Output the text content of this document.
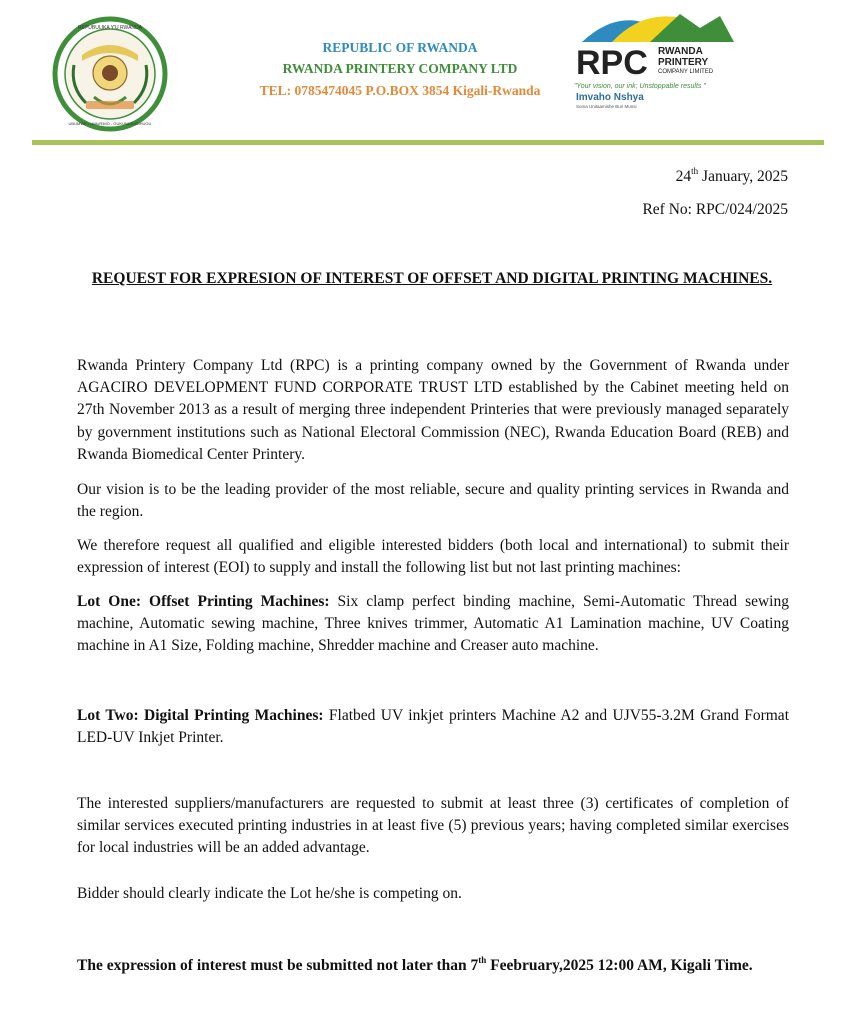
REPUBULIKA Y'U RWANDA
UBUMWE - UMURIMO - GUKUNDA IGIHUGU
REPUBLIC OF RWANDA
RWANDA PRINTERY COMPANY LTD
TEL: 0785474045 P.O.BOX 3854 Kigali-Rwanda
RPC RWANDA
PRINTERY
COMPANY LIMITED
"Your vision, our ink; Unstoppable results "
Imvaho Nshya
Soma Unitaamishe Buri Munsi
24th January, 2025
Ref No: RPC/024/2025
REQUEST FOR EXPRESION OF INTEREST OF OFFSET AND DIGITAL PRINTING MACHINES.
Rwanda Printery Company Ltd (RPC) is a printing company owned by the Government of Rwanda under AGACIRO DEVELOPMENT FUND CORPORATE TRUST LTD established by the Cabinet meeting held on 27th November 2013 as a result of merging three independent Printeries that were previously managed separately by government institutions such as National Electoral Commission (NEC), Rwanda Education Board (REB) and Rwanda Biomedical Center Printery.
Our vision is to be the leading provider of the most reliable, secure and quality printing services in Rwanda and the region.
We therefore request all qualified and eligible interested bidders (both local and international) to submit their expression of interest (EOI) to supply and install the following list but not last printing machines:
Lot One: Offset Printing Machines: Six clamp perfect binding machine, Semi-Automatic Thread sewing machine, Automatic sewing machine, Three knives trimmer, Automatic A1 Lamination machine, UV Coating machine in A1 Size, Folding machine, Shredder machine and Creaser auto machine.
Lot Two: Digital Printing Machines: Flatbed UV inkjet printers Machine A2 and UJV55-3.2M Grand Format LED-UV Inkjet Printer.
The interested suppliers/manufacturers are requested to submit at least three (3) certificates of completion of similar services executed printing industries in at least five (5) previous years; having completed similar exercises for local industries will be an added advantage.
Bidder should clearly indicate the Lot he/she is competing on.
The expression of interest must be submitted not later than 7th Feebruary,2025 12:00 AM, Kigali Time.
